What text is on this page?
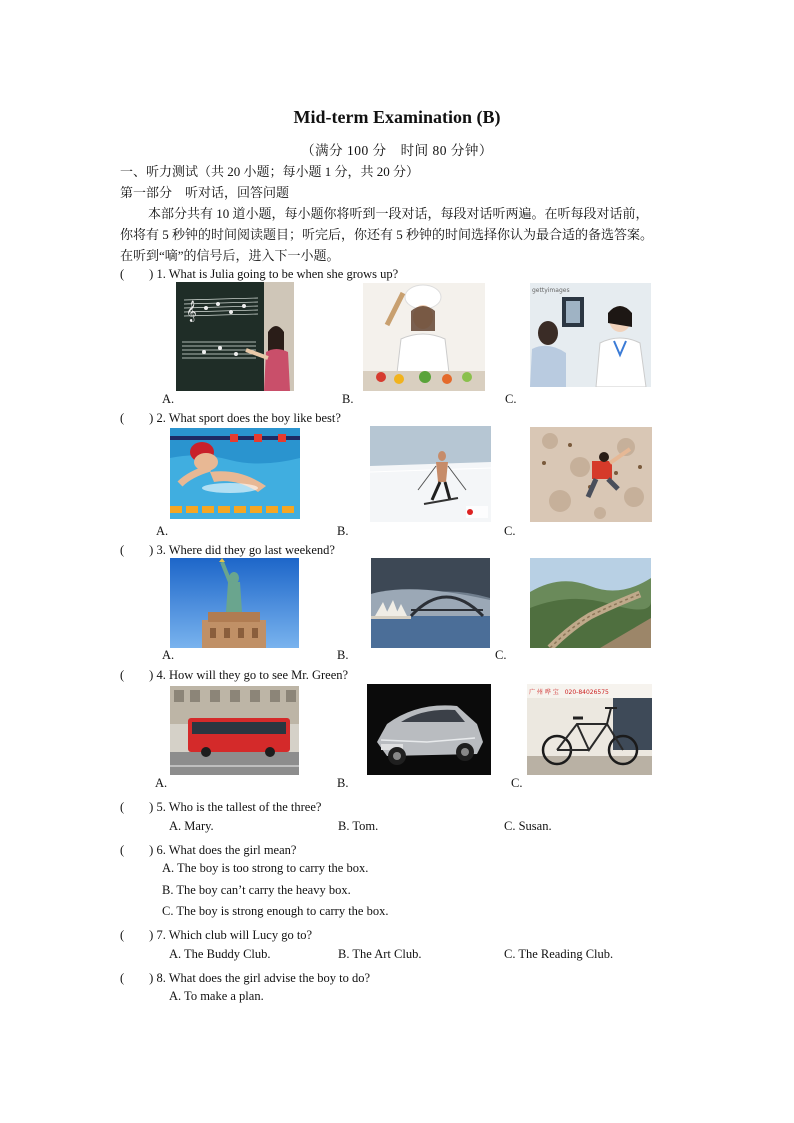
Mid-term Examination (B)
（满分 100 分　时间 80 分钟）
一、听力测试（共 20 小题；每小题 1 分，共 20 分）
第一部分　听对话，回答问题
本部分共有 10 道小题，每小题你将听到一段对话，每段对话听两遍。在听每段对话前，
你将有 5 秒钟的时间阅读题目；听完后，你还有 5 秒钟的时间选择你认为最合适的备选答案。
在听到“嘀”的信号后，进入下一小题。
(　　) 1. What is Julia going to be when she grows up?
𝄞
gettyimages
A.	B.	C.
(　　) 2. What sport does the boy like best?
A.	B.	C.
(　　) 3. Where did they go last weekend?
A.	B.	C.
(　　) 4. How will they go to see Mr. Green?
广 州 哗 宝　020-84026575
A.	B.	C.
(　　) 5. Who is the tallest of the three?
A. Mary.	B. Tom.	C. Susan.
(　　) 6. What does the girl mean?
A. The boy is too strong to carry the box.
B. The boy can’t carry the heavy box.
C. The boy is strong enough to carry the box.
(　　) 7. Which club will Lucy go to?
A. The Buddy Club.	B. The Art Club.	C. The Reading Club.
(　　) 8. What does the girl advise the boy to do?
A. To make a plan.
